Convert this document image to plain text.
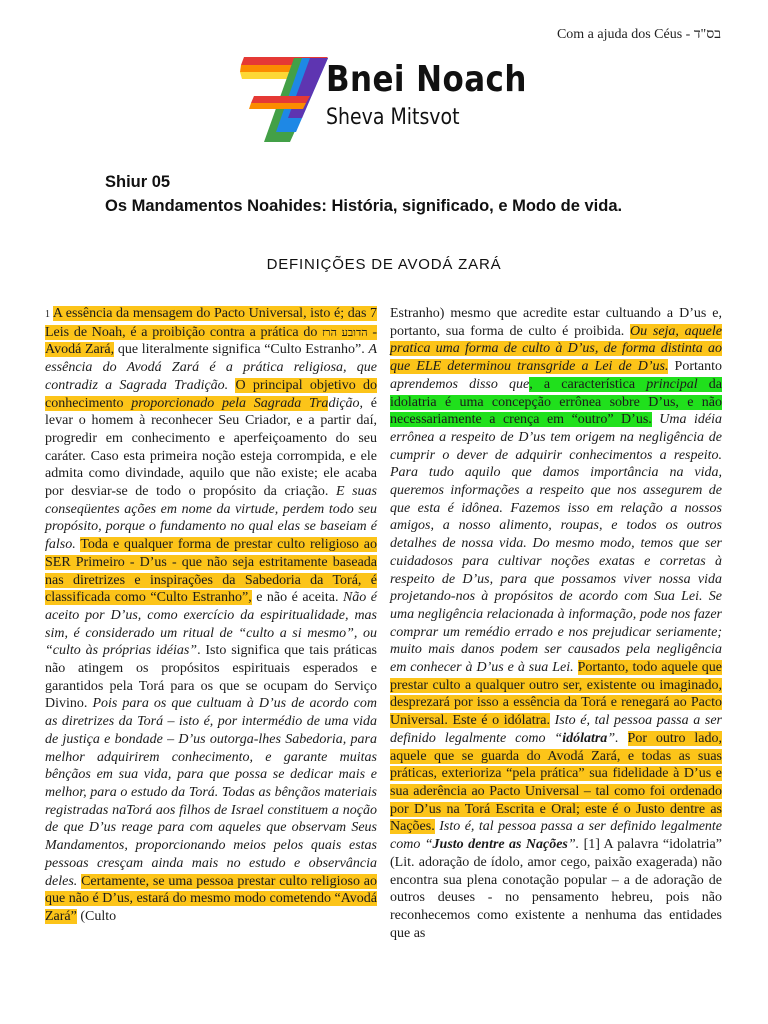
Com a ajuda dos Céus - בס"ד
Bnei Noach
Sheva Mitsvot
Shiur 05
Os Mandamentos Noahides: História, significado, e Modo de vida.
DEFINIÇÕES DE AVODÁ ZARÁ

1 A essência da mensagem do Pacto Universal, isto é; das 7 Leis de Noah, é a proibição contra a prática do הדובע הרז - Avodá Zará, que literalmente significa “Culto Estranho”. A essência do Avodá Zará é a prática religiosa, que contradiz a Sagrada Tradição. O principal objetivo do conhecimento proporcionado pela Sagrada Tradição, é levar o homem à reconhecer Seu Criador, e a partir daí, progredir em conhecimento e aperfeiçoamento do seu caráter. Caso esta primeira noção esteja corrompida, e ele admita como divindade, aquilo que não existe; ele acaba por desviar-se de todo o propósito da criação. E suas conseqüentes ações em nome da virtude, perdem todo seu propósito, porque o fundamento no qual elas se baseiam é falso. Toda e qualquer forma de prestar culto religioso ao SER Primeiro - D’us - que não seja estritamente baseada nas diretrizes e inspirações da Sabedoria da Torá, é classificada como “Culto Estranho”, e não é aceita. Não é aceito por D’us, como exercício da espiritualidade, mas sim, é considerado um ritual de “culto a si mesmo”, ou “culto às próprias idéias”. Isto significa que tais práticas não atingem os propósitos espirituais esperados e garantidos pela Torá para os que se ocupam do Serviço Divino. Pois para os que cultuam à D’us de acordo com as diretrizes da Torá – isto é, por intermédio de uma vida de justiça e bondade – D’us outorga-lhes Sabedoria, para melhor adquirirem conhecimento, e garante muitas bênçãos em sua vida, para que possa se dedicar mais e melhor, para o estudo da Torá. Todas as bênçãos materiais registradas naTorá aos filhos de Israel constituem a noção de que D’us reage para com aqueles que observam Seus Mandamentos, proporcionando meios pelos quais estas pessoas cresçam ainda mais no estudo e observância deles. Certamente, se uma pessoa prestar culto religioso ao que não é D’us, estará do mesmo modo cometendo “Avodá Zará” (Culto

Estranho) mesmo que acredite estar cultuando a D’us e, portanto, sua forma de culto é proibida. Ou seja, aquele pratica uma forma de culto à D’us, de forma distinta ao que ELE determinou transgride a Lei de D’us. Portanto aprendemos disso que, a característica principal da idolatria é uma concepção errônea sobre D’us, e não necessariamente a crença em “outro” D’us. Uma idéia errônea a respeito de D’us tem origem na negligência de cumprir o dever de adquirir conhecimentos a respeito. Para tudo aquilo que damos importância na vida, queremos informações a respeito que nos assegurem de que esta é idônea. Fazemos isso em relação a nossos amigos, a nosso alimento, roupas, e todos os outros detalhes de nossa vida. Do mesmo modo, temos que ser cuidadosos para cultivar noções exatas e corretas à respeito de D’us, para que possamos viver nossa vida projetando-nos à propósitos de acordo com Sua Lei. Se uma negligência relacionada à informação, pode nos fazer comprar um remédio errado e nos prejudicar seriamente; muito mais danos podem ser causados pela negligência em conhecer à D’us e à sua Lei. Portanto, todo aquele que prestar culto a qualquer outro ser, existente ou imaginado, desprezará por isso a essência da Torá e renegará ao Pacto Universal. Este é o idólatra. Isto é, tal pessoa passa a ser definido legalmente como “idólatra”. Por outro lado, aquele que se guarda do Avodá Zará, e todas as suas práticas, exterioriza “pela prática” sua fidelidade à D’us e sua aderência ao Pacto Universal – tal como foi ordenado por D’us na Torá Escrita e Oral; este é o Justo dentre as Nações. Isto é, tal pessoa passa a ser definido legalmente como “Justo dentre as Nações”. [1] A palavra “idolatria” (Lit. adoração de ídolo, amor cego, paixão exagerada) não encontra sua plena conotação popular – a de adoração de outros deuses - no pensamento hebreu, pois não reconhecemos como existente a nenhuma das entidades que as
